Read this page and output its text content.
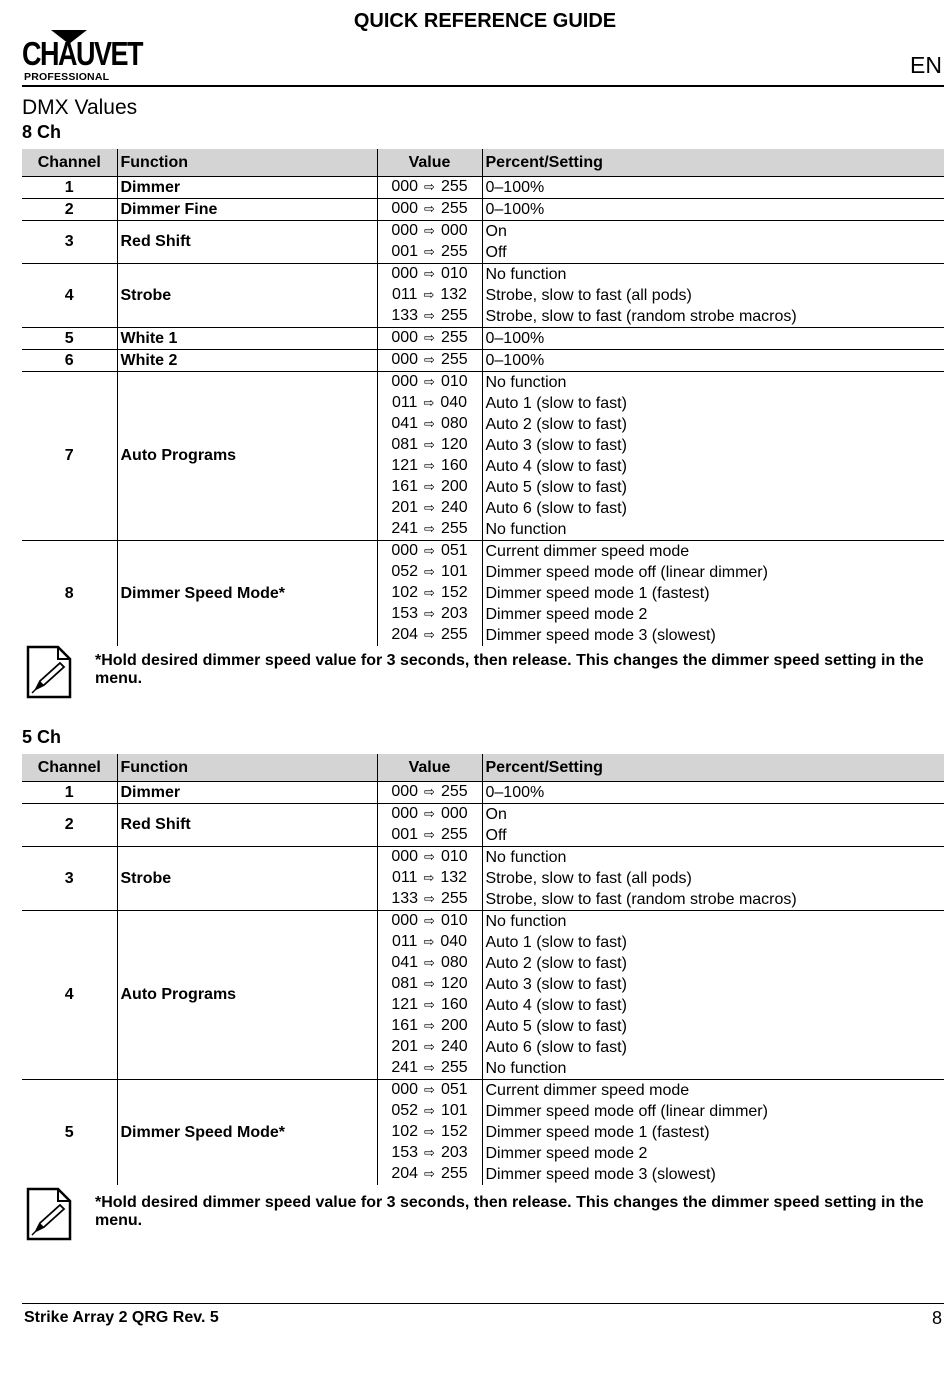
QUICK REFERENCE GUIDE
CHAUVET
PROFESSIONAL	EN
DMX Values
8 Ch
Channel	Function	Value	Percent/Setting
1	Dimmer	000 ⇨ 255	0–100%
2	Dimmer Fine	000 ⇨ 255	0–100%
3	Red Shift	000 ⇨ 000	On
		001 ⇨ 255	Off
4	Strobe	000 ⇨ 010	No function
		011 ⇨ 132	Strobe, slow to fast (all pods)
		133 ⇨ 255	Strobe, slow to fast (random strobe macros)
5	White 1	000 ⇨ 255	0–100%
6	White 2	000 ⇨ 255	0–100%
7	Auto Programs	000 ⇨ 010	No function
		011 ⇨ 040	Auto 1 (slow to fast)
		041 ⇨ 080	Auto 2 (slow to fast)
		081 ⇨ 120	Auto 3 (slow to fast)
		121 ⇨ 160	Auto 4 (slow to fast)
		161 ⇨ 200	Auto 5 (slow to fast)
		201 ⇨ 240	Auto 6 (slow to fast)
		241 ⇨ 255	No function
8	Dimmer Speed Mode*	000 ⇨ 051	Current dimmer speed mode
		052 ⇨ 101	Dimmer speed mode off (linear dimmer)
		102 ⇨ 152	Dimmer speed mode 1 (fastest)
		153 ⇨ 203	Dimmer speed mode 2
		204 ⇨ 255	Dimmer speed mode 3 (slowest)
*Hold desired dimmer speed value for 3 seconds, then release. This changes the dimmer speed setting in the menu.
5 Ch
Channel	Function	Value	Percent/Setting
1	Dimmer	000 ⇨ 255	0–100%
2	Red Shift	000 ⇨ 000	On
		001 ⇨ 255	Off
3	Strobe	000 ⇨ 010	No function
		011 ⇨ 132	Strobe, slow to fast (all pods)
		133 ⇨ 255	Strobe, slow to fast (random strobe macros)
4	Auto Programs	000 ⇨ 010	No function
		011 ⇨ 040	Auto 1 (slow to fast)
		041 ⇨ 080	Auto 2 (slow to fast)
		081 ⇨ 120	Auto 3 (slow to fast)
		121 ⇨ 160	Auto 4 (slow to fast)
		161 ⇨ 200	Auto 5 (slow to fast)
		201 ⇨ 240	Auto 6 (slow to fast)
		241 ⇨ 255	No function
5	Dimmer Speed Mode*	000 ⇨ 051	Current dimmer speed mode
		052 ⇨ 101	Dimmer speed mode off (linear dimmer)
		102 ⇨ 152	Dimmer speed mode 1 (fastest)
		153 ⇨ 203	Dimmer speed mode 2
		204 ⇨ 255	Dimmer speed mode 3 (slowest)
*Hold desired dimmer speed value for 3 seconds, then release. This changes the dimmer speed setting in the menu.
Strike Array 2 QRG Rev. 5	8
